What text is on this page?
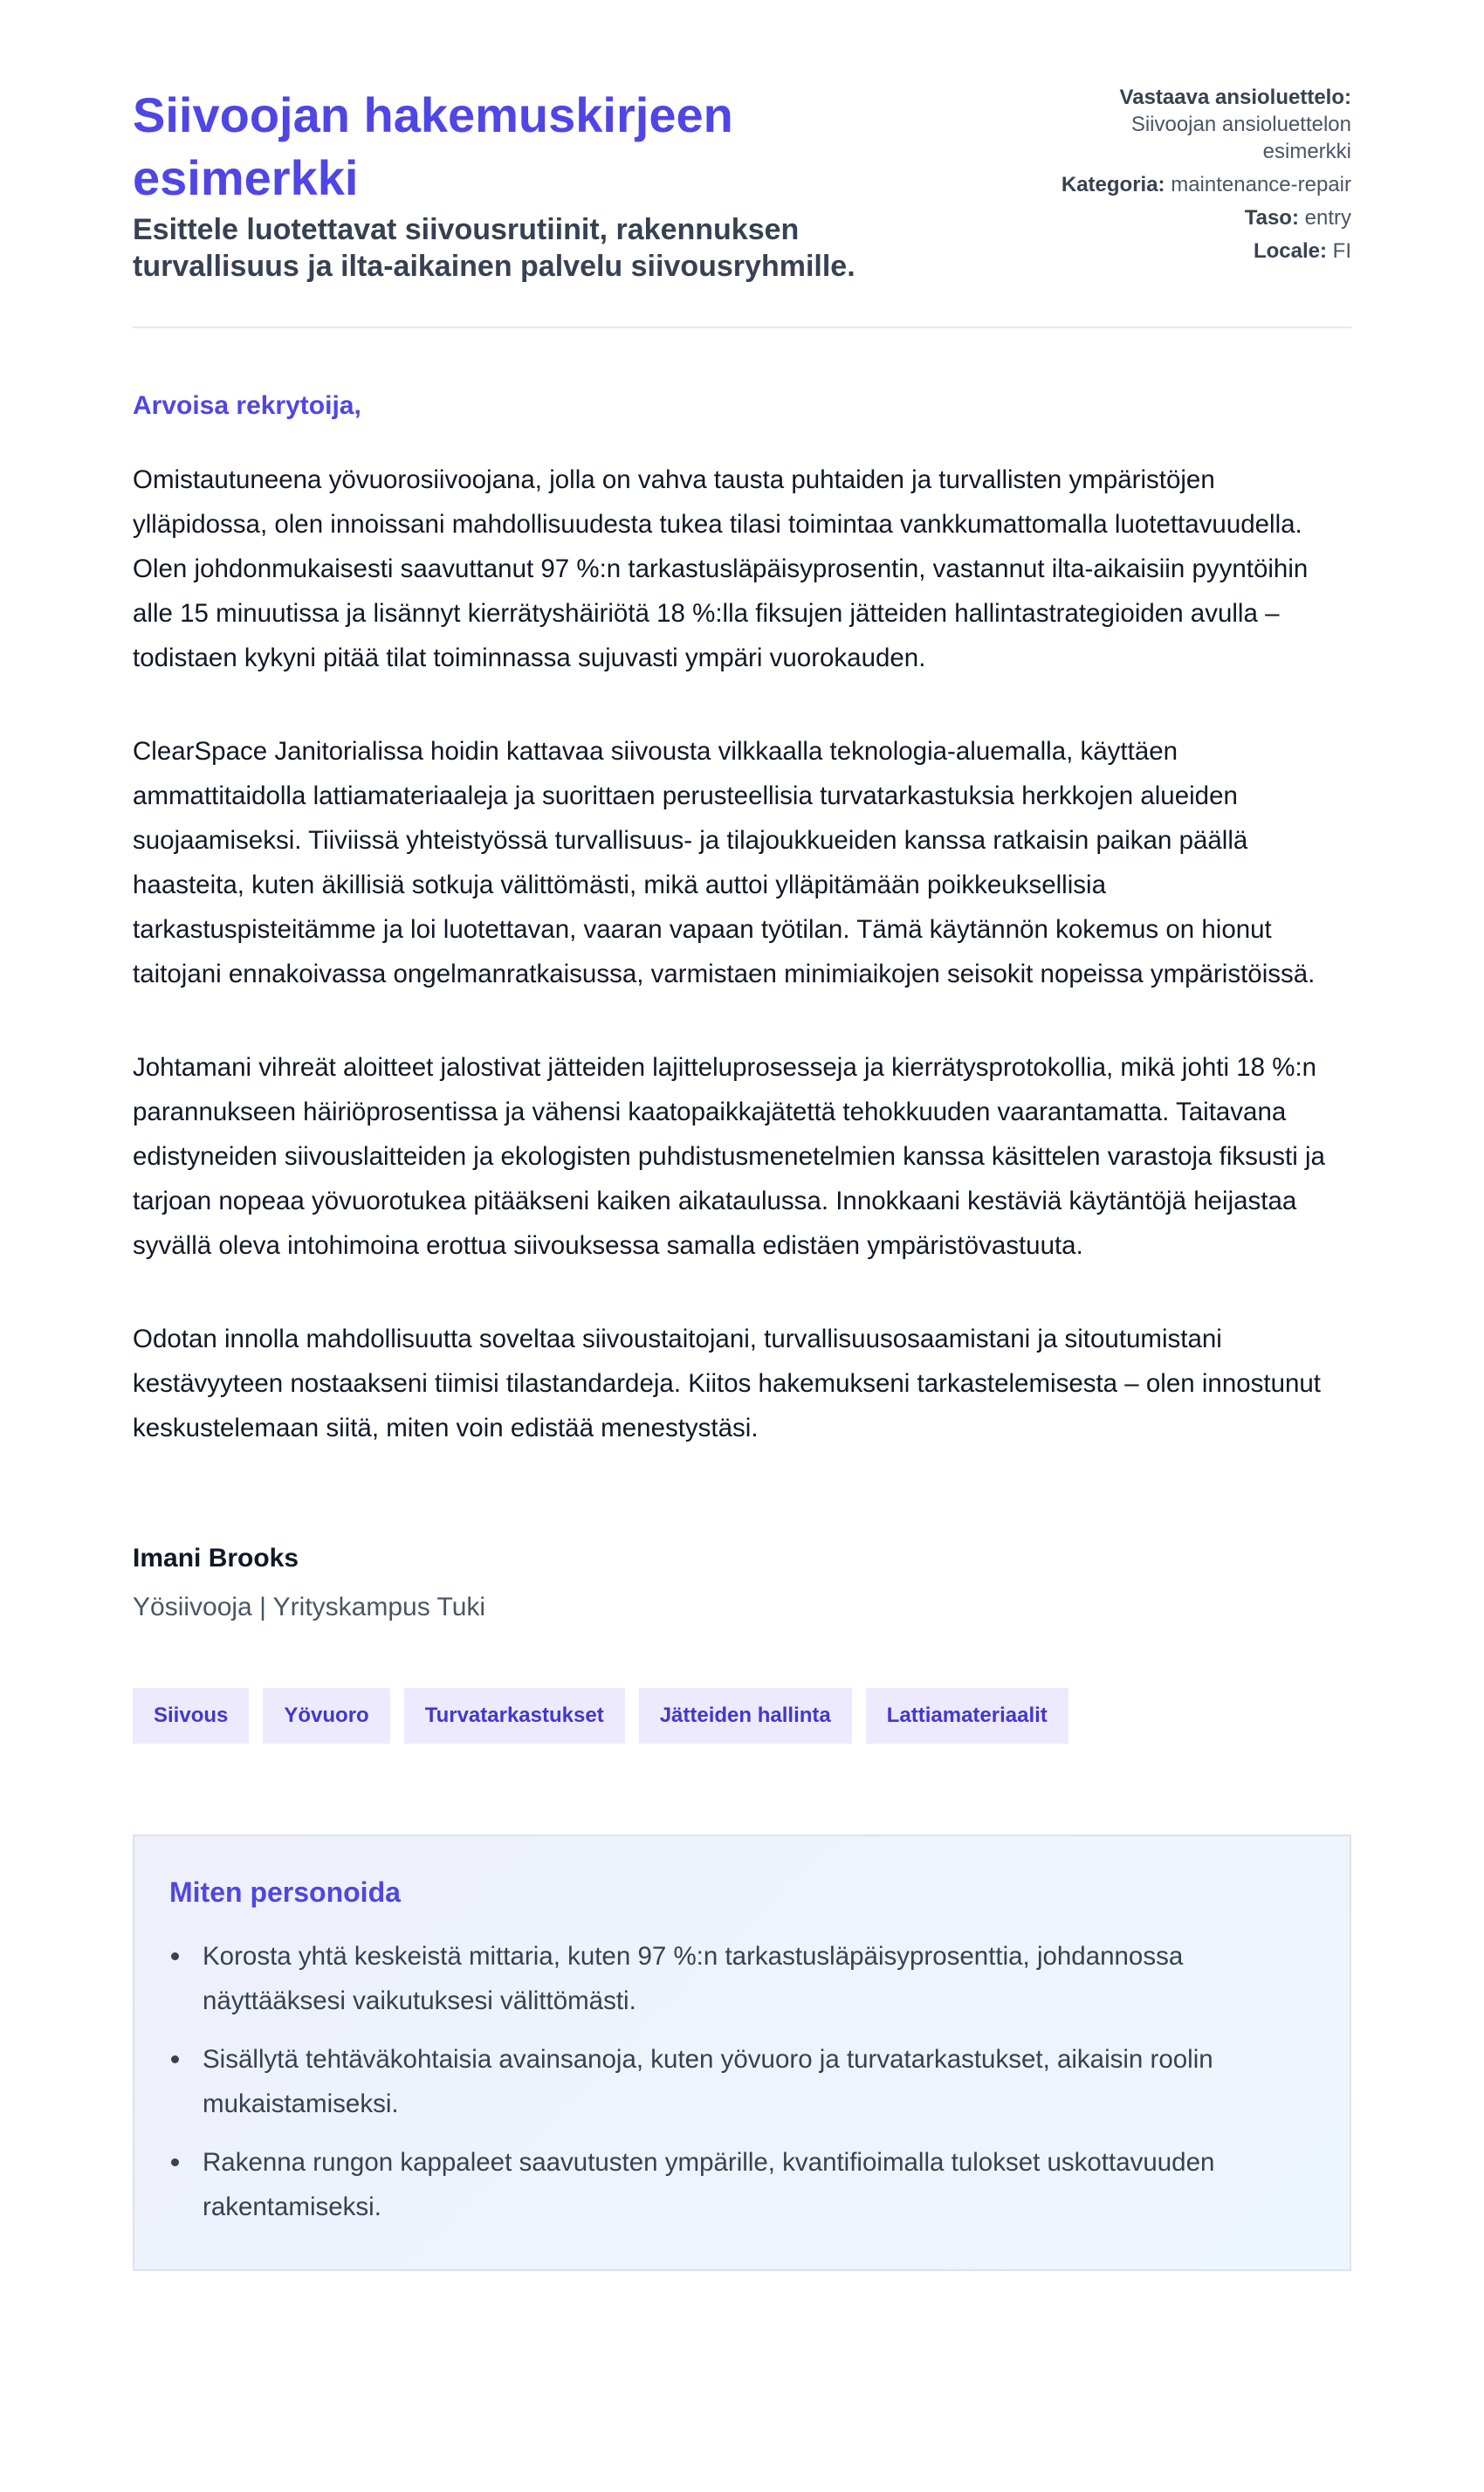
Siivoojan hakemuskirjeen esimerkki
Esittele luotettavat siivousrutiinit, rakennuksen turvallisuus ja ilta-aikainen palvelu siivousryhmille.
Vastaava ansioluettelo:
Siivoojan ansioluettelon esimerkki
Kategoria: maintenance-repair
Taso: entry
Locale: FI
Arvoisa rekrytoija,

Omistautuneena yövuorosiivoojana, jolla on vahva tausta puhtaiden ja turvallisten ympäristöjen ylläpidossa, olen innoissani mahdollisuudesta tukea tilasi toimintaa vankkumattomalla luotettavuudella. Olen johdonmukaisesti saavuttanut 97 %:n tarkastusläpäisyprosentin, vastannut ilta-aikaisiin pyyntöihin alle 15 minuutissa ja lisännyt kierrätyshäiriötä 18 %:lla fiksujen jätteiden hallintastrategioiden avulla – todistaen kykyni pitää tilat toiminnassa sujuvasti ympäri vuorokauden.

ClearSpace Janitorialissa hoidin kattavaa siivousta vilkkaalla teknologia-aluemalla, käyttäen ammattitaidolla lattiamateriaaleja ja suorittaen perusteellisia turvatarkastuksia herkkojen alueiden suojaamiseksi. Tiiviissä yhteistyössä turvallisuus- ja tilajoukkueiden kanssa ratkaisin paikan päällä haasteita, kuten äkillisiä sotkuja välittömästi, mikä auttoi ylläpitämään poikkeuksellisia tarkastuspisteitämme ja loi luotettavan, vaaran vapaan työtilan. Tämä käytännön kokemus on hionut taitojani ennakoivassa ongelmanratkaisussa, varmistaen minimiaikojen seisokit nopeissa ympäristöissä.

Johtamani vihreät aloitteet jalostivat jätteiden lajitteluprosesseja ja kierrätysprotokollia, mikä johti 18 %:n parannukseen häiriöprosentissa ja vähensi kaatopaikkajätettä tehokkuuden vaarantamatta. Taitavana edistyneiden siivouslaitteiden ja ekologisten puhdistusmenetelmien kanssa käsittelen varastoja fiksusti ja tarjoan nopeaa yövuorotukea pitääkseni kaiken aikataulussa. Innokkaani kestäviä käytäntöjä heijastaa syvällä oleva intohimoina erottua siivouksessa samalla edistäen ympäristövastuuta.

Odotan innolla mahdollisuutta soveltaa siivoustaitojani, turvallisuusosaamistani ja sitoutumistani kestävyyteen nostaakseni tiimisi tilastandardeja. Kiitos hakemukseni tarkastelemisesta – olen innostunut keskustelemaan siitä, miten voin edistää menestystäsi.

Imani Brooks
Yösiivooja | Yrityskampus Tuki
Siivous	Yövuoro	Turvatarkastukset	Jätteiden hallinta	Lattiamateriaalit
Miten personoida
Korosta yhtä keskeistä mittaria, kuten 97 %:n tarkastusläpäisyprosenttia, johdannossa näyttääksesi vaikutuksesi välittömästi.
Sisällytä tehtäväkohtaisia avainsanoja, kuten yövuoro ja turvatarkastukset, aikaisin roolin mukaistamiseksi.
Rakenna rungon kappaleet saavutusten ympärille, kvantifioimalla tulokset uskottavuuden rakentamiseksi.
